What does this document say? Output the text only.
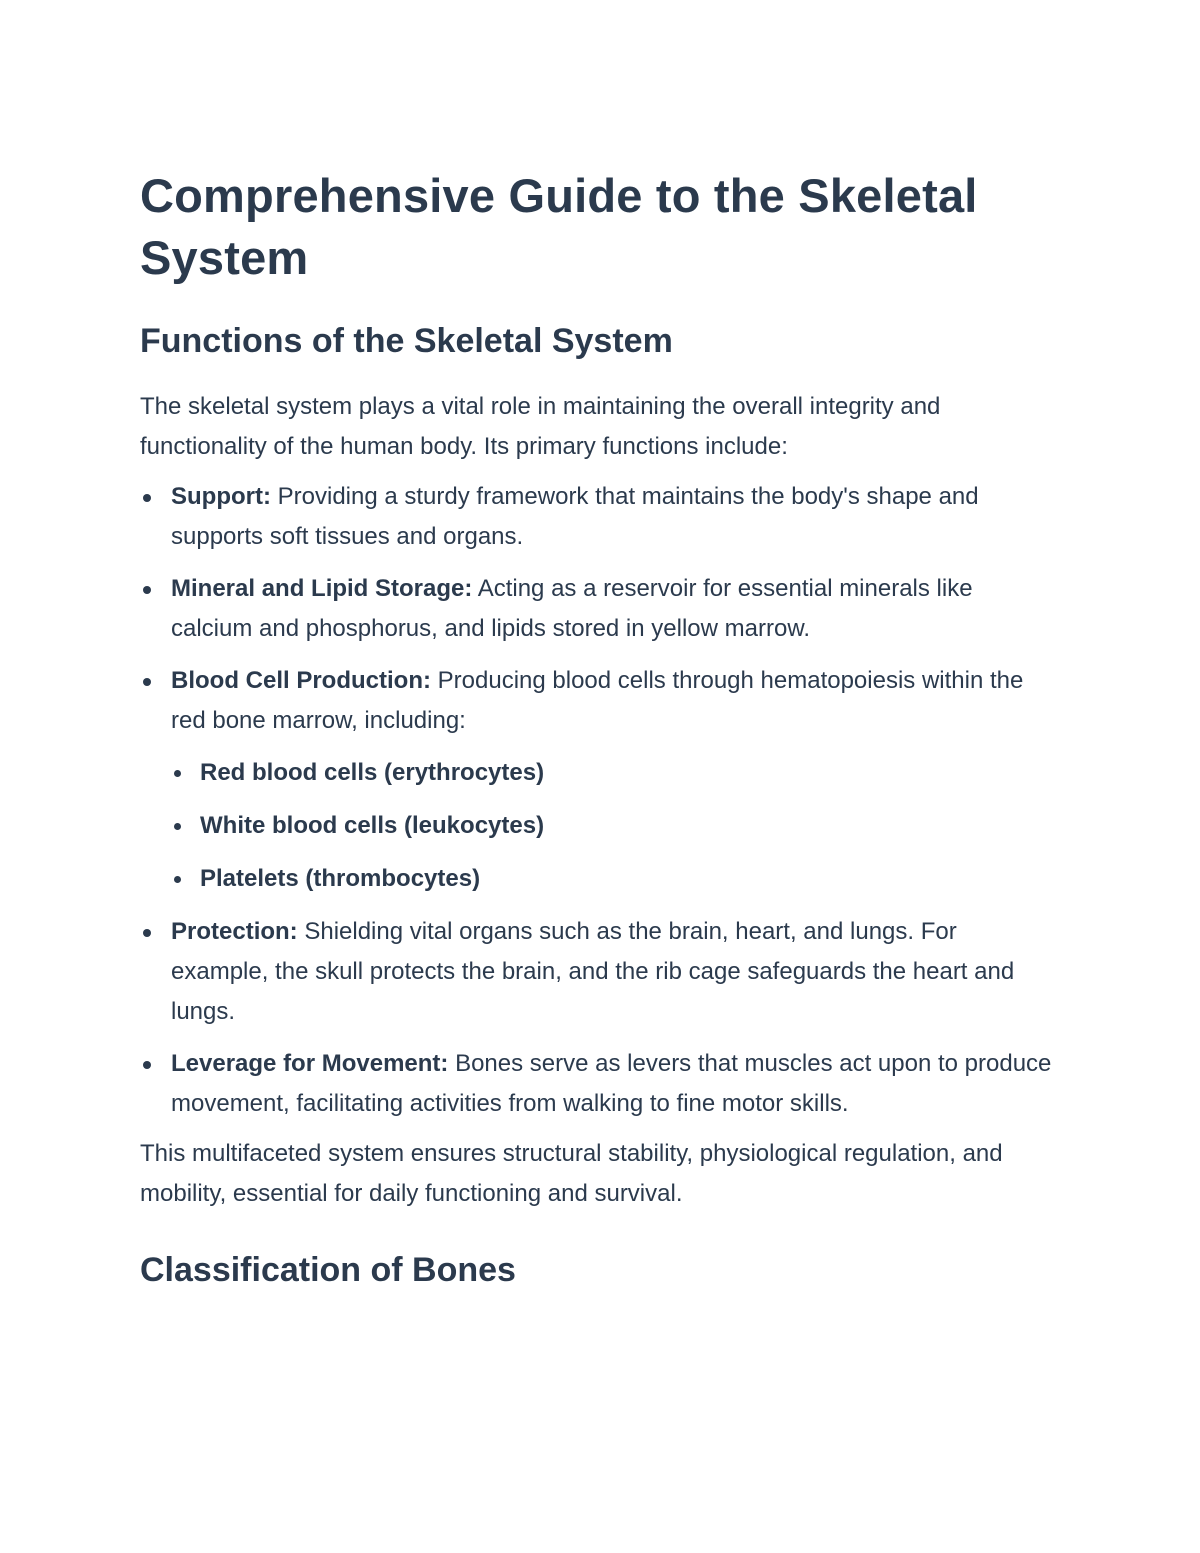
Comprehensive Guide to the Skeletal System
Functions of the Skeletal System

The skeletal system plays a vital role in maintaining the overall integrity and functionality of the human body. Its primary functions include:

Support: Providing a sturdy framework that maintains the body's shape and supports soft tissues and organs.
Mineral and Lipid Storage: Acting as a reservoir for essential minerals like calcium and phosphorus, and lipids stored in yellow marrow.
Blood Cell Production: Producing blood cells through hematopoiesis within the red bone marrow, including:
Red blood cells (erythrocytes)
White blood cells (leukocytes)
Platelets (thrombocytes)
Protection: Shielding vital organs such as the brain, heart, and lungs. For example, the skull protects the brain, and the rib cage safeguards the heart and lungs.
Leverage for Movement: Bones serve as levers that muscles act upon to produce movement, facilitating activities from walking to fine motor skills.

This multifaceted system ensures structural stability, physiological regulation, and mobility, essential for daily functioning and survival.

Classification of Bones
